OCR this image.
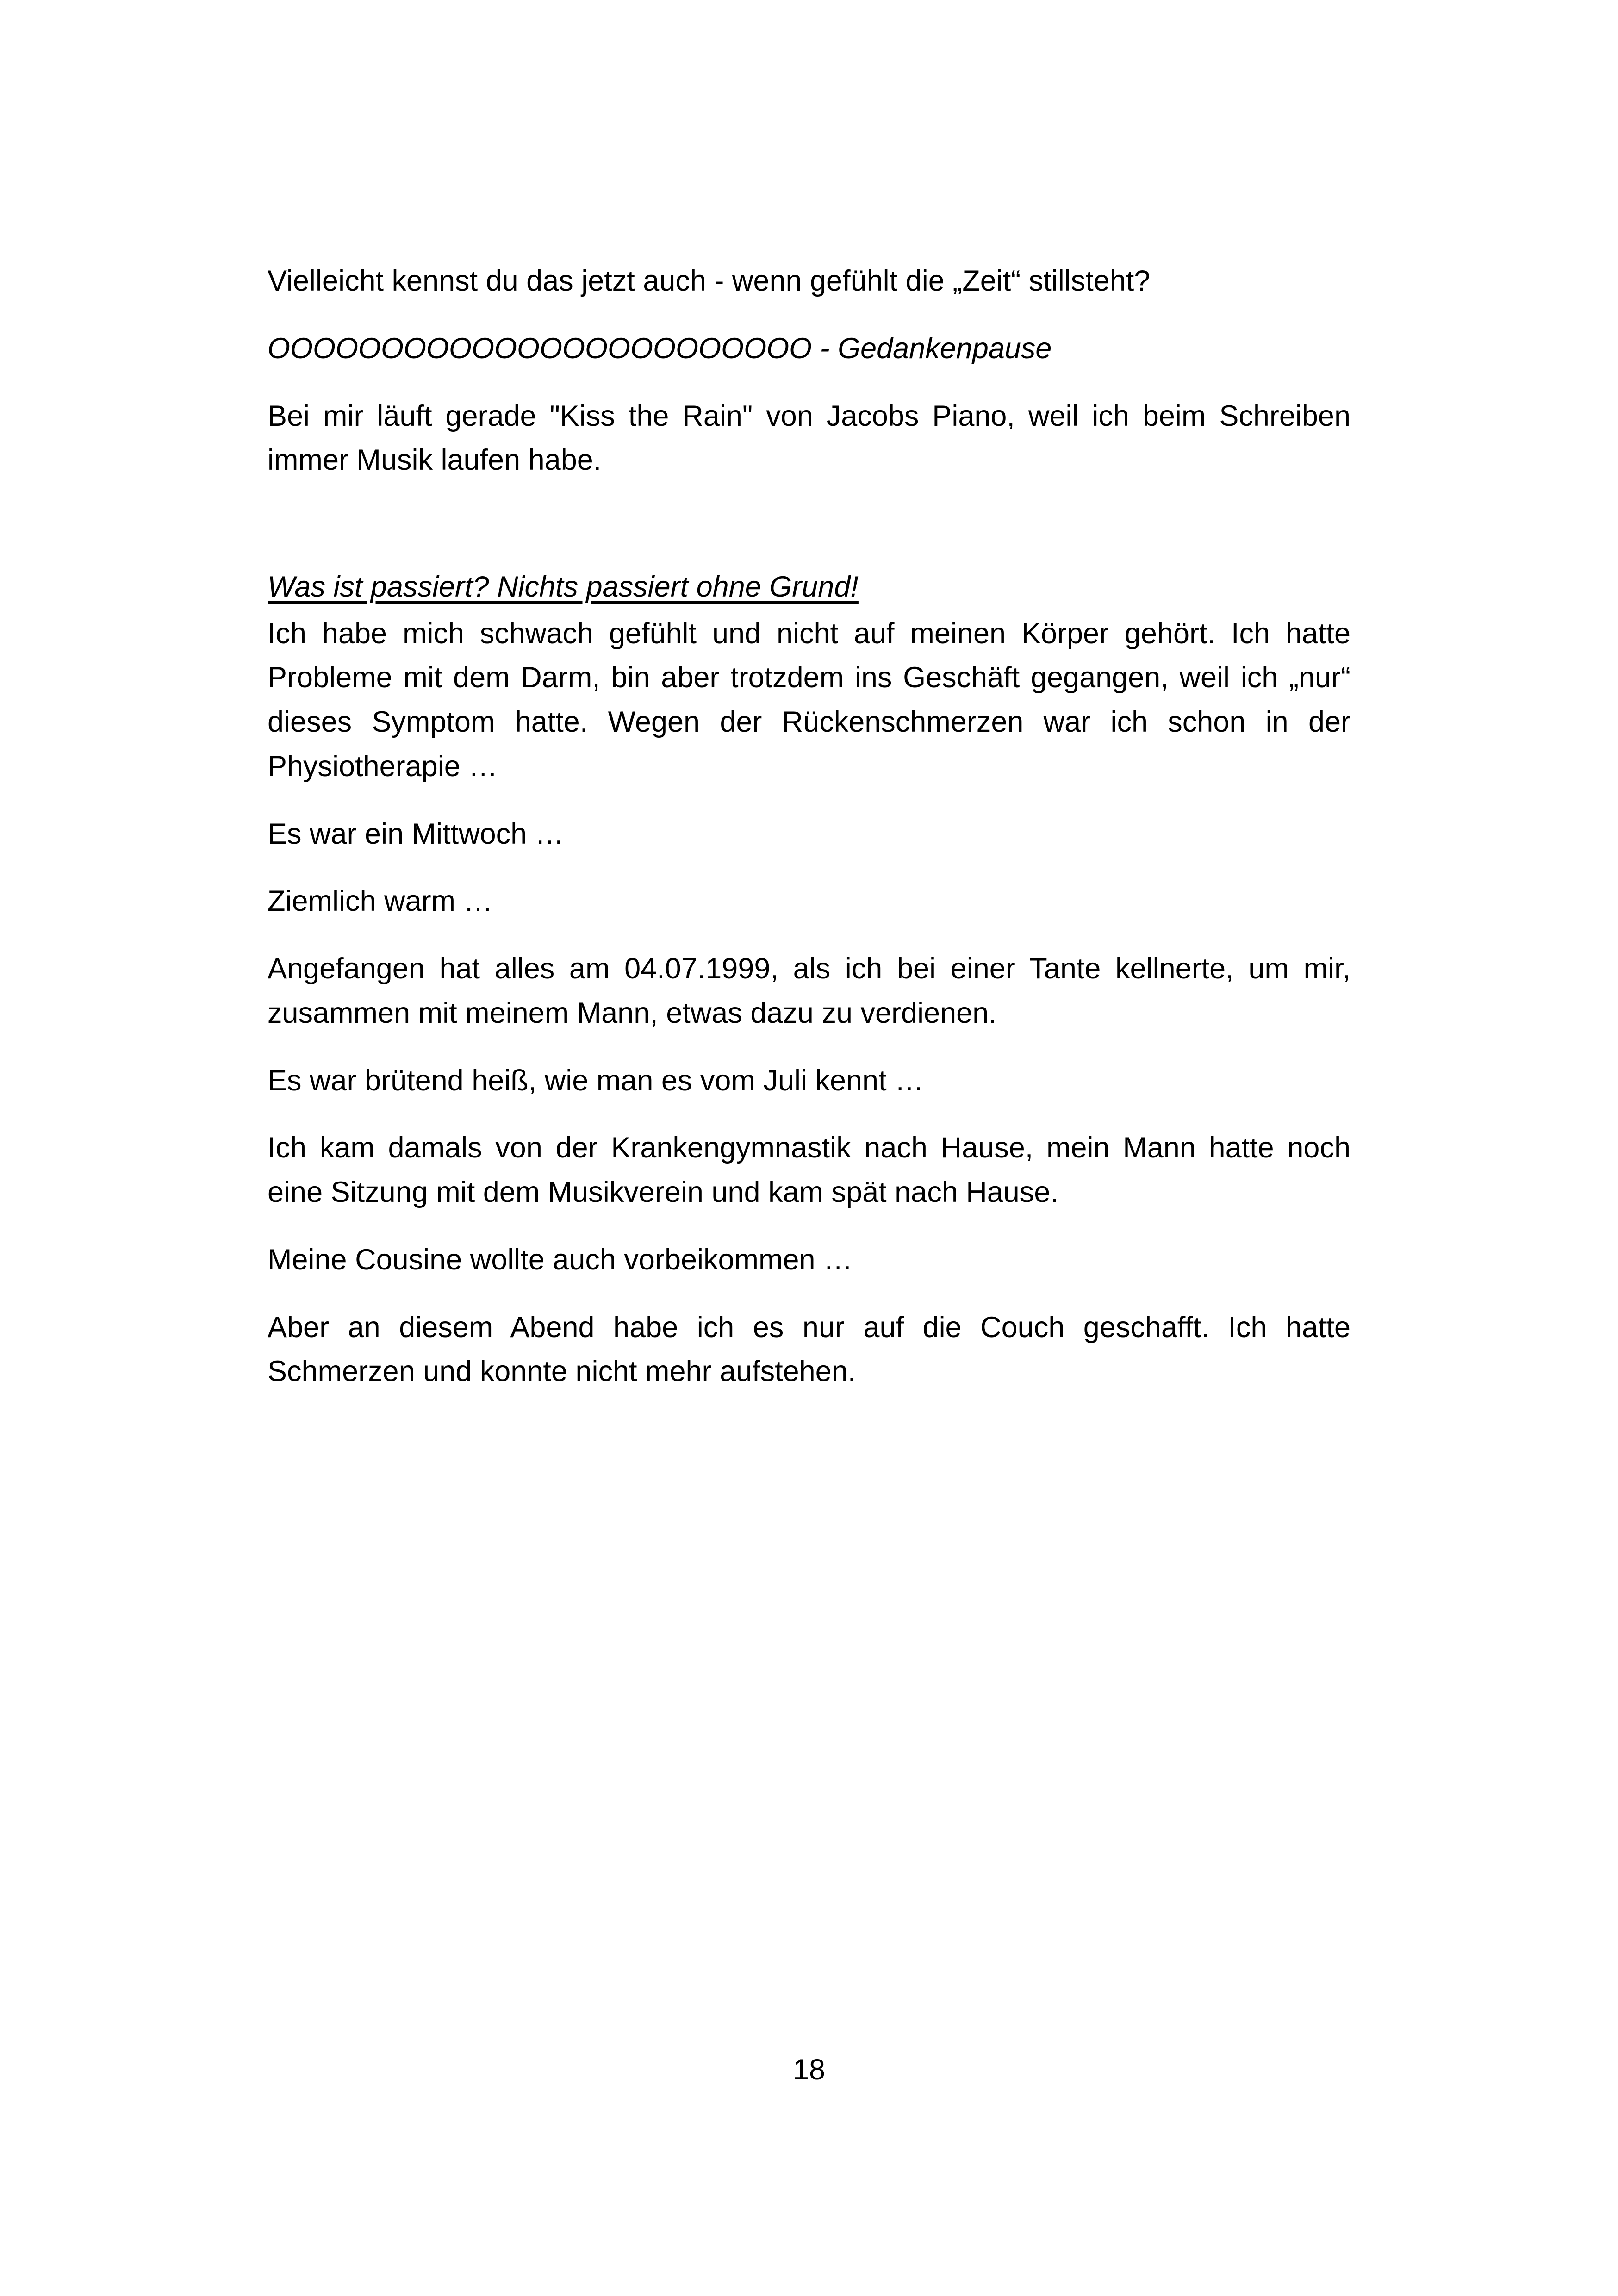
Vielleicht kennst du das jetzt auch - wenn gefühlt die „Zeit“ stillsteht?

OOOOOOOOOOOOOOOOOOOOOOOO - Gedankenpause

Bei mir läuft gerade "Kiss the Rain" von Jacobs Piano, weil ich beim Schreiben immer Musik laufen habe.

Was ist passiert? Nichts passiert ohne Grund!

Ich habe mich schwach gefühlt und nicht auf meinen Körper gehört. Ich hatte Probleme mit dem Darm, bin aber trotzdem ins Geschäft gegangen, weil ich „nur“ dieses Symptom hatte. Wegen der Rückenschmerzen war ich schon in der Physiotherapie …

Es war ein Mittwoch …

Ziemlich warm …

Angefangen hat alles am 04.07.1999, als ich bei einer Tante kellnerte, um mir, zusammen mit meinem Mann, etwas dazu zu verdienen.

Es war brütend heiß, wie man es vom Juli kennt …

Ich kam damals von der Krankengymnastik nach Hause, mein Mann hatte noch eine Sitzung mit dem Musikverein und kam spät nach Hause.

Meine Cousine wollte auch vorbeikommen …

Aber an diesem Abend habe ich es nur auf die Couch geschafft. Ich hatte Schmerzen und konnte nicht mehr aufstehen.

18
